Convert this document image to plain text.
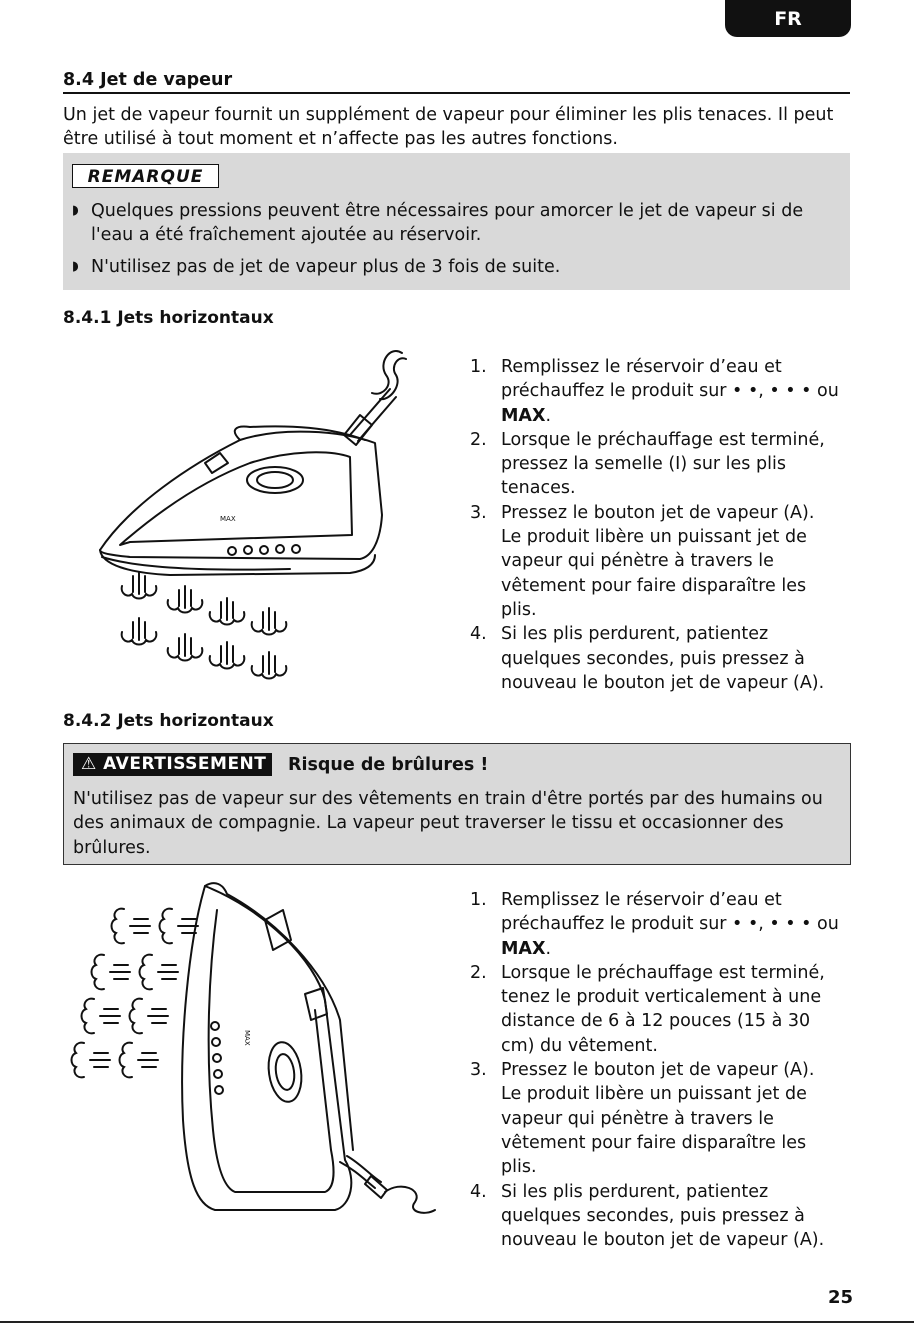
FR
8.4 Jet de vapeur
Un jet de vapeur fournit un supplément de vapeur pour éliminer les plis tenaces. Il peut être utilisé à tout moment et n’affecte pas les autres fonctions.
REMARQUE
◗ Quelques pressions peuvent être nécessaires pour amorcer le jet de vapeur si de l'eau a été fraîchement ajoutée au réservoir.
◗ N'utilisez pas de jet de vapeur plus de 3 fois de suite.
8.4.1 Jets horizontaux
MAX
1. Remplissez le réservoir d’eau et préchauffez le produit sur • •, • • • ou MAX.
2. Lorsque le préchauffage est terminé, pressez la semelle (I) sur les plis tenaces.
3. Pressez le bouton jet de vapeur (A). Le produit libère un puissant jet de vapeur qui pénètre à travers le vêtement pour faire disparaître les plis.
4. Si les plis perdurent, patientez quelques secondes, puis pressez à nouveau le bouton jet de vapeur (A).
8.4.2 Jets horizontaux
⚠ AVERTISSEMENT	Risque de brûlures !
N'utilisez pas de vapeur sur des vêtements en train d'être portés par des humains ou des animaux de compagnie. La vapeur peut traverser le tissu et occasionner des brûlures.
MAX
1. Remplissez le réservoir d’eau et préchauffez le produit sur • •, • • • ou MAX.
2. Lorsque le préchauffage est terminé, tenez le produit verticalement à une distance de 6 à 12 pouces (15 à 30 cm) du vêtement.
3. Pressez le bouton jet de vapeur (A). Le produit libère un puissant jet de vapeur qui pénètre à travers le vêtement pour faire disparaître les plis.
4. Si les plis perdurent, patientez quelques secondes, puis pressez à nouveau le bouton jet de vapeur (A).
25
